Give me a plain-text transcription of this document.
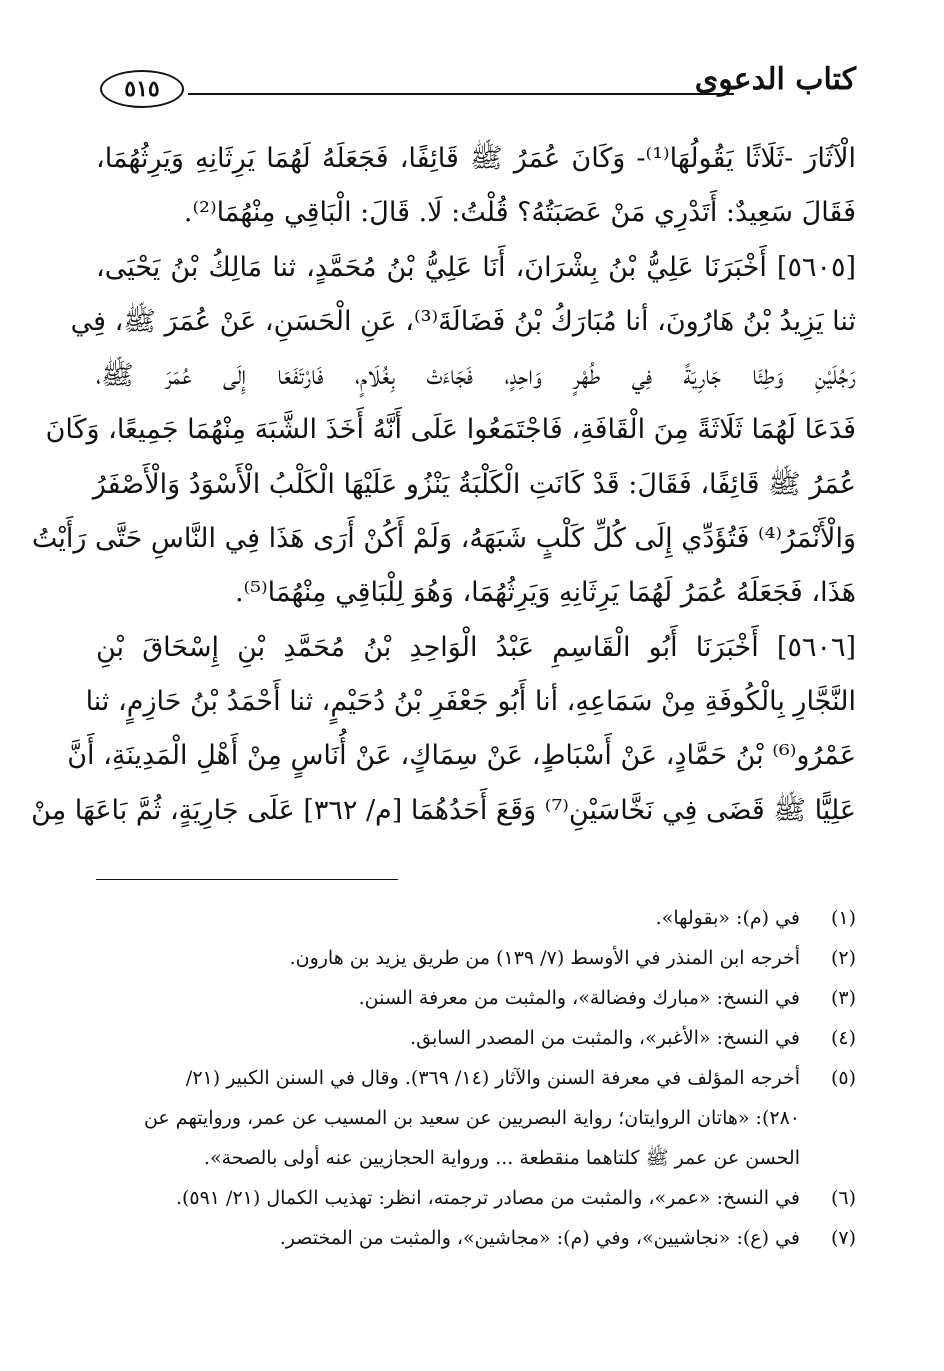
كتاب الدعوى
٥١٥
الْآثَارَ -ثَلَاثًا يَقُولُهَا⁽¹⁾- وَكَانَ عُمَرُ ﷺ قَائِفًا، فَجَعَلَهُ لَهُمَا يَرِثَانِهِ وَيَرِثُهُمَا،
فَقَالَ سَعِيدٌ: أَتَدْرِي مَنْ عَصَبَتُهُ؟ قُلْتُ: لَا. قَالَ: الْبَاقِي مِنْهُمَا⁽²⁾.
[٥٦٠٥] أَخْبَرَنَا عَلِيُّ بْنُ بِشْرَانَ، أَنَا عَلِيُّ بْنُ مُحَمَّدٍ، ثنا مَالِكُ بْنُ يَحْيَى،
ثنا يَزِيدُ بْنُ هَارُونَ، أنا مُبَارَكُ بْنُ فَضَالَةَ⁽³⁾، عَنِ الْحَسَنِ، عَنْ عُمَرَ ﷺ، فِي
رَجُلَيْنِ وَطِئَا جَارِيَةً فِي طُهْرٍ وَاحِدٍ، فَجَاءَتْ بِغُلَامٍ، فَارْتَفَعَا إِلَى عُمَرَ ﷺ،
فَدَعَا لَهُمَا ثَلَاثَةً مِنَ الْقَافَةِ، فَاجْتَمَعُوا عَلَى أَنَّهُ أَخَذَ الشَّبَهَ مِنْهُمَا جَمِيعًا، وَكَانَ
عُمَرُ ﷺ قَائِفًا، فَقَالَ: قَدْ كَانَتِ الْكَلْبَةُ يَنْزُو عَلَيْهَا الْكَلْبُ الْأَسْوَدُ وَالْأَصْفَرُ
وَالْأَنْمَرُ⁽⁴⁾ فَتُؤَدِّي إِلَى كُلِّ كَلْبٍ شَبَهَهُ، وَلَمْ أَكُنْ أَرَى هَذَا فِي النَّاسِ حَتَّى رَأَيْتُ
هَذَا، فَجَعَلَهُ عُمَرُ لَهُمَا يَرِثَانِهِ وَيَرِثُهُمَا، وَهُوَ لِلْبَاقِي مِنْهُمَا⁽⁵⁾.
[٥٦٠٦] أَخْبَرَنَا أَبُو الْقَاسِمِ عَبْدُ الْوَاحِدِ بْنُ مُحَمَّدِ بْنِ إِسْحَاقَ بْنِ
النَّجَّارِ بِالْكُوفَةِ مِنْ سَمَاعِهِ، أنا أَبُو جَعْفَرِ بْنُ دُحَيْمٍ، ثنا أَحْمَدُ بْنُ حَازِمٍ، ثنا
عَمْرُو⁽⁶⁾ بْنُ حَمَّادٍ، عَنْ أَسْبَاطٍ، عَنْ سِمَاكٍ، عَنْ أُنَاسٍ مِنْ أَهْلِ الْمَدِينَةِ، أَنَّ
عَلِيًّا ﷺ قَضَى فِي نَخَّاسَيْنِ⁽⁷⁾ وَقَعَ أَحَدُهُمَا [م/ ٣٦٢] عَلَى جَارِيَةٍ، ثُمَّ بَاعَهَا مِنْ
(١)
في (م): «بقولها».
(٢)
أخرجه ابن المنذر في الأوسط (٧/ ١٣٩) من طريق يزيد بن هارون.
(٣)
في النسخ: «مبارك وفضالة»، والمثبت من معرفة السنن.
(٤)
في النسخ: «الأغبر»، والمثبت من المصدر السابق.
(٥)
أخرجه المؤلف في معرفة السنن والآثار (١٤/ ٣٦٩). وقال في السنن الكبير (٢١/
٢٨٠): «هاتان الروايتان؛ رواية البصريين عن سعيد بن المسيب عن عمر، وروايتهم عن
الحسن عن عمر ﷺ كلتاهما منقطعة ... ورواية الحجازيين عنه أولى بالصحة».
(٦)
في النسخ: «عمر»، والمثبت من مصادر ترجمته، انظر: تهذيب الكمال (٢١/ ٥٩١).
(٧)
في (ع): «نجاشيين»، وفي (م): «مجاشين»، والمثبت من المختصر.
